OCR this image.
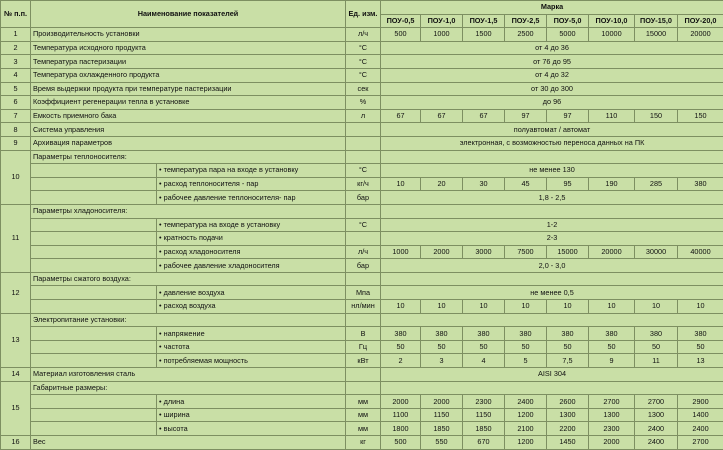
№ п.п.	Наименование показателей		Ед. изм.	Марка							
				ПОУ-0,5	ПОУ-1,0	ПОУ-1,5	ПОУ-2,5	ПОУ-5,0	ПОУ-10,0	ПОУ-15,0	ПОУ-20,0
1	Производительность установки		л/ч	500	1000	1500	2500	5000	10000	15000	20000
2	Температура исходного продукта		°С	от 4 до 36							
3	Температура пастеризации		°С	от 76 до 95							
4	Температура охлажденного продукта		°С	от 4 до 32							
5	Время выдержки продукта при температуре пастеризации		сек	от 30 до 300							
6	Коэффициент регенерации тепла в установке		%	до 96							
7	Емкость приемного бака		л	67	67	67	97	97	110	150	150
8	Система управления			полуавтомат / автомат							
9	Архивация параметров			электронная, с возможностью переноса данных на ПК							
10	Параметры теплоносителя:										
		• температура пара на входе в установку	°С	не менее 130							
		• расход теплоносителя - пар	кг/ч	10	20	30	45	95	190	285	380
		• рабочее давление теплоносителя- пар	бар	1,8 - 2,5							
11	Параметры хладоносителя:										
		• температура на входе в установку	°С	1-2							
		• кратность подачи		2-3							
		• расход хладоносителя	л/ч	1000	2000	3000	7500	15000	20000	30000	40000
		• рабочее давление хладоносителя	бар	2,0 - 3,0							
12	Параметры сжатого воздуха:										
		• давление воздуха	Мпа	не менее 0,5							
		• расход воздуха	нл/мин	10	10	10	10	10	10	10	10
13	Электропитание установки:										
		• напряжение	В	380	380	380	380	380	380	380	380
		• частота	Гц	50	50	50	50	50	50	50	50
		• потребляемая мощность	кВт	2	3	4	5	7,5	9	11	13
14	Материал изготовления сталь			AISI 304							
15	Габаритные размеры:										
		• длина	мм	2000	2000	2300	2400	2600	2700	2700	2900
		• ширина	мм	1100	1150	1150	1200	1300	1300	1300	1400
		• высота	мм	1800	1850	1850	2100	2200	2300	2400	2400
16	Вес		кг	500	550	670	1200	1450	2000	2400	2700
